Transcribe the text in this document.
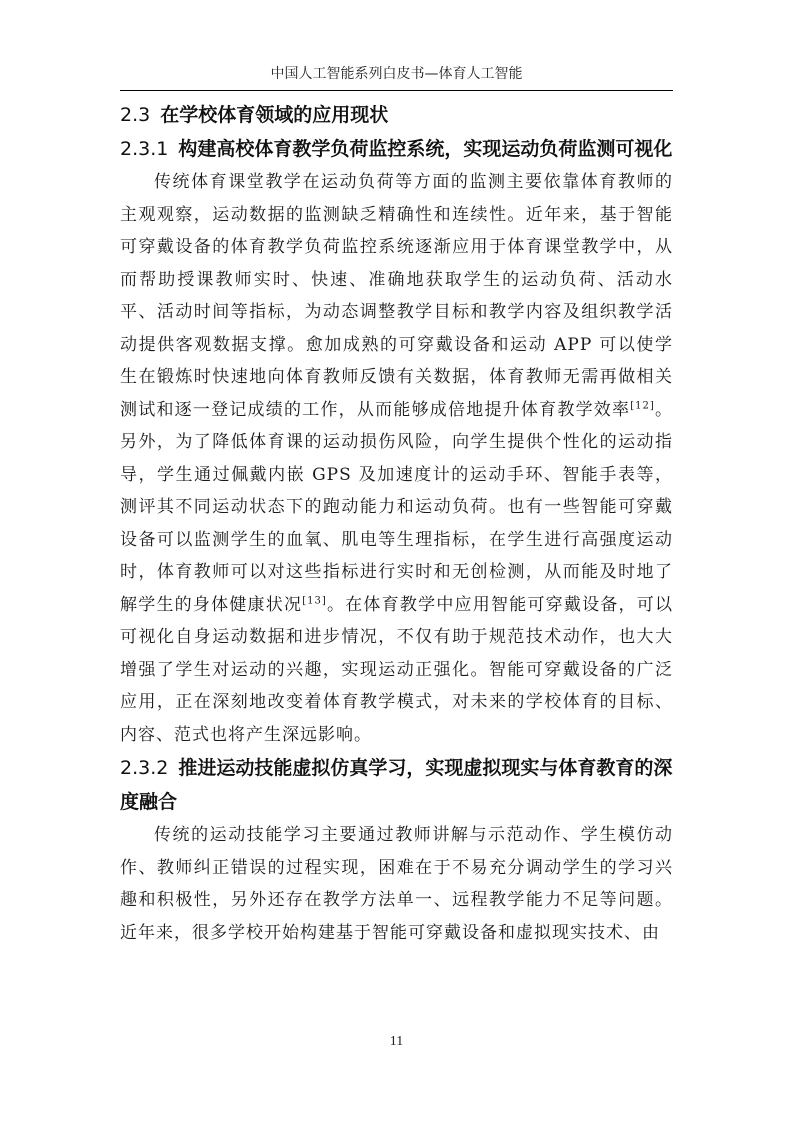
中国人工智能系列白皮书—体育人工智能
2.3 在学校体育领域的应用现状
2.3.1 构建高校体育教学负荷监控系统，实现运动负荷监测可视化

传统体育课堂教学在运动负荷等方面的监测主要依靠体育教师的主观观察，运动数据的监测缺乏精确性和连续性。近年来，基于智能可穿戴设备的体育教学负荷监控系统逐渐应用于体育课堂教学中，从而帮助授课教师实时、快速、准确地获取学生的运动负荷、活动水平、活动时间等指标，为动态调整教学目标和教学内容及组织教学活动提供客观数据支撑。愈加成熟的可穿戴设备和运动 APP 可以使学生在锻炼时快速地向体育教师反馈有关数据，体育教师无需再做相关测试和逐一登记成绩的工作，从而能够成倍地提升体育教学效率[12]。另外，为了降低体育课的运动损伤风险，向学生提供个性化的运动指导，学生通过佩戴内嵌 GPS 及加速度计的运动手环、智能手表等，测评其不同运动状态下的跑动能力和运动负荷。也有一些智能可穿戴设备可以监测学生的血氧、肌电等生理指标，在学生进行高强度运动时，体育教师可以对这些指标进行实时和无创检测，从而能及时地了解学生的身体健康状况[13]。在体育教学中应用智能可穿戴设备，可以可视化自身运动数据和进步情况，不仅有助于规范技术动作，也大大增强了学生对运动的兴趣，实现运动正强化。智能可穿戴设备的广泛应用，正在深刻地改变着体育教学模式，对未来的学校体育的目标、内容、范式也将产生深远影响。

2.3.2 推进运动技能虚拟仿真学习，实现虚拟现实与体育教育的深度融合

传统的运动技能学习主要通过教师讲解与示范动作、学生模仿动作、教师纠正错误的过程实现，困难在于不易充分调动学生的学习兴趣和积极性，另外还存在教学方法单一、远程教学能力不足等问题。近年来，很多学校开始构建基于智能可穿戴设备和虚拟现实技术、由

11
